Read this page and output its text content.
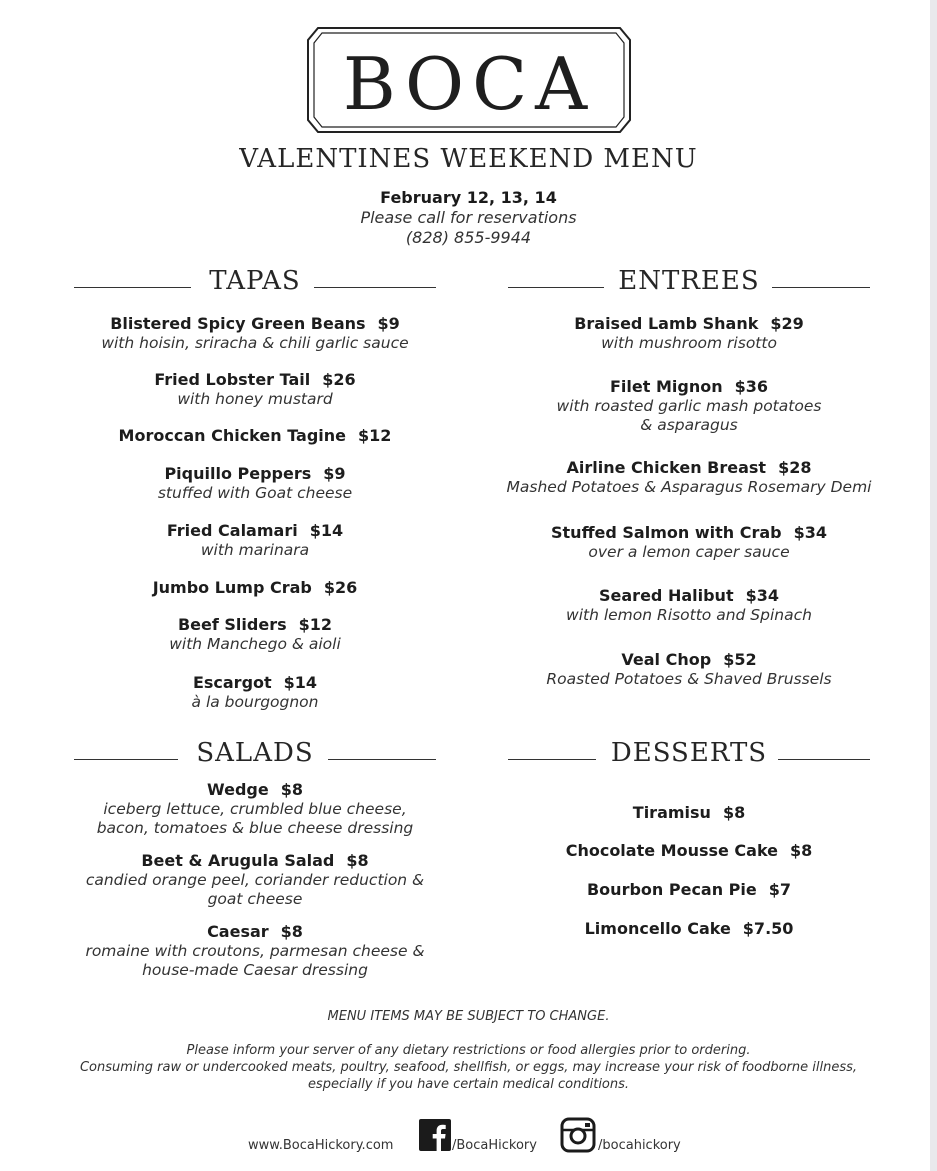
BOCA
VALENTINES WEEKEND MENU
February 12, 13, 14
Please call for reservations
(828) 855-9944
TAPAS	ENTREES
Blistered Spicy Green Beans $9
with hoisin, sriracha & chili garlic sauce
Fried Lobster Tail $26
with honey mustard
Moroccan Chicken Tagine $12
Piquillo Peppers $9
stuffed with Goat cheese
Fried Calamari $14
with marinara
Jumbo Lump Crab $26
Beef Sliders $12
with Manchego & aioli
Escargot $14
à la bourgognon
Braised Lamb Shank $29
with mushroom risotto
Filet Mignon $36
with roasted garlic mash potatoes
& asparagus
Airline Chicken Breast $28
Mashed Potatoes & Asparagus Rosemary Demi
Stuffed Salmon with Crab $34
over a lemon caper sauce
Seared Halibut $34
with lemon Risotto and Spinach
Veal Chop $52
Roasted Potatoes & Shaved Brussels
SALADS	DESSERTS
Wedge $8
iceberg lettuce, crumbled blue cheese,
bacon, tomatoes & blue cheese dressing
Beet & Arugula Salad $8
candied orange peel, coriander reduction &
goat cheese
Caesar $8
romaine with croutons, parmesan cheese &
house-made Caesar dressing
Tiramisu $8
Chocolate Mousse Cake $8
Bourbon Pecan Pie $7
Limoncello Cake $7.50
MENU ITEMS MAY BE SUBJECT TO CHANGE.
Please inform your server of any dietary restrictions or food allergies prior to ordering.
Consuming raw or undercooked meats, poultry, seafood, shellfish, or eggs, may increase your risk of foodborne illness,
especially if you have certain medical conditions.
www.BocaHickory.com	/BocaHickory	/bocahickory
